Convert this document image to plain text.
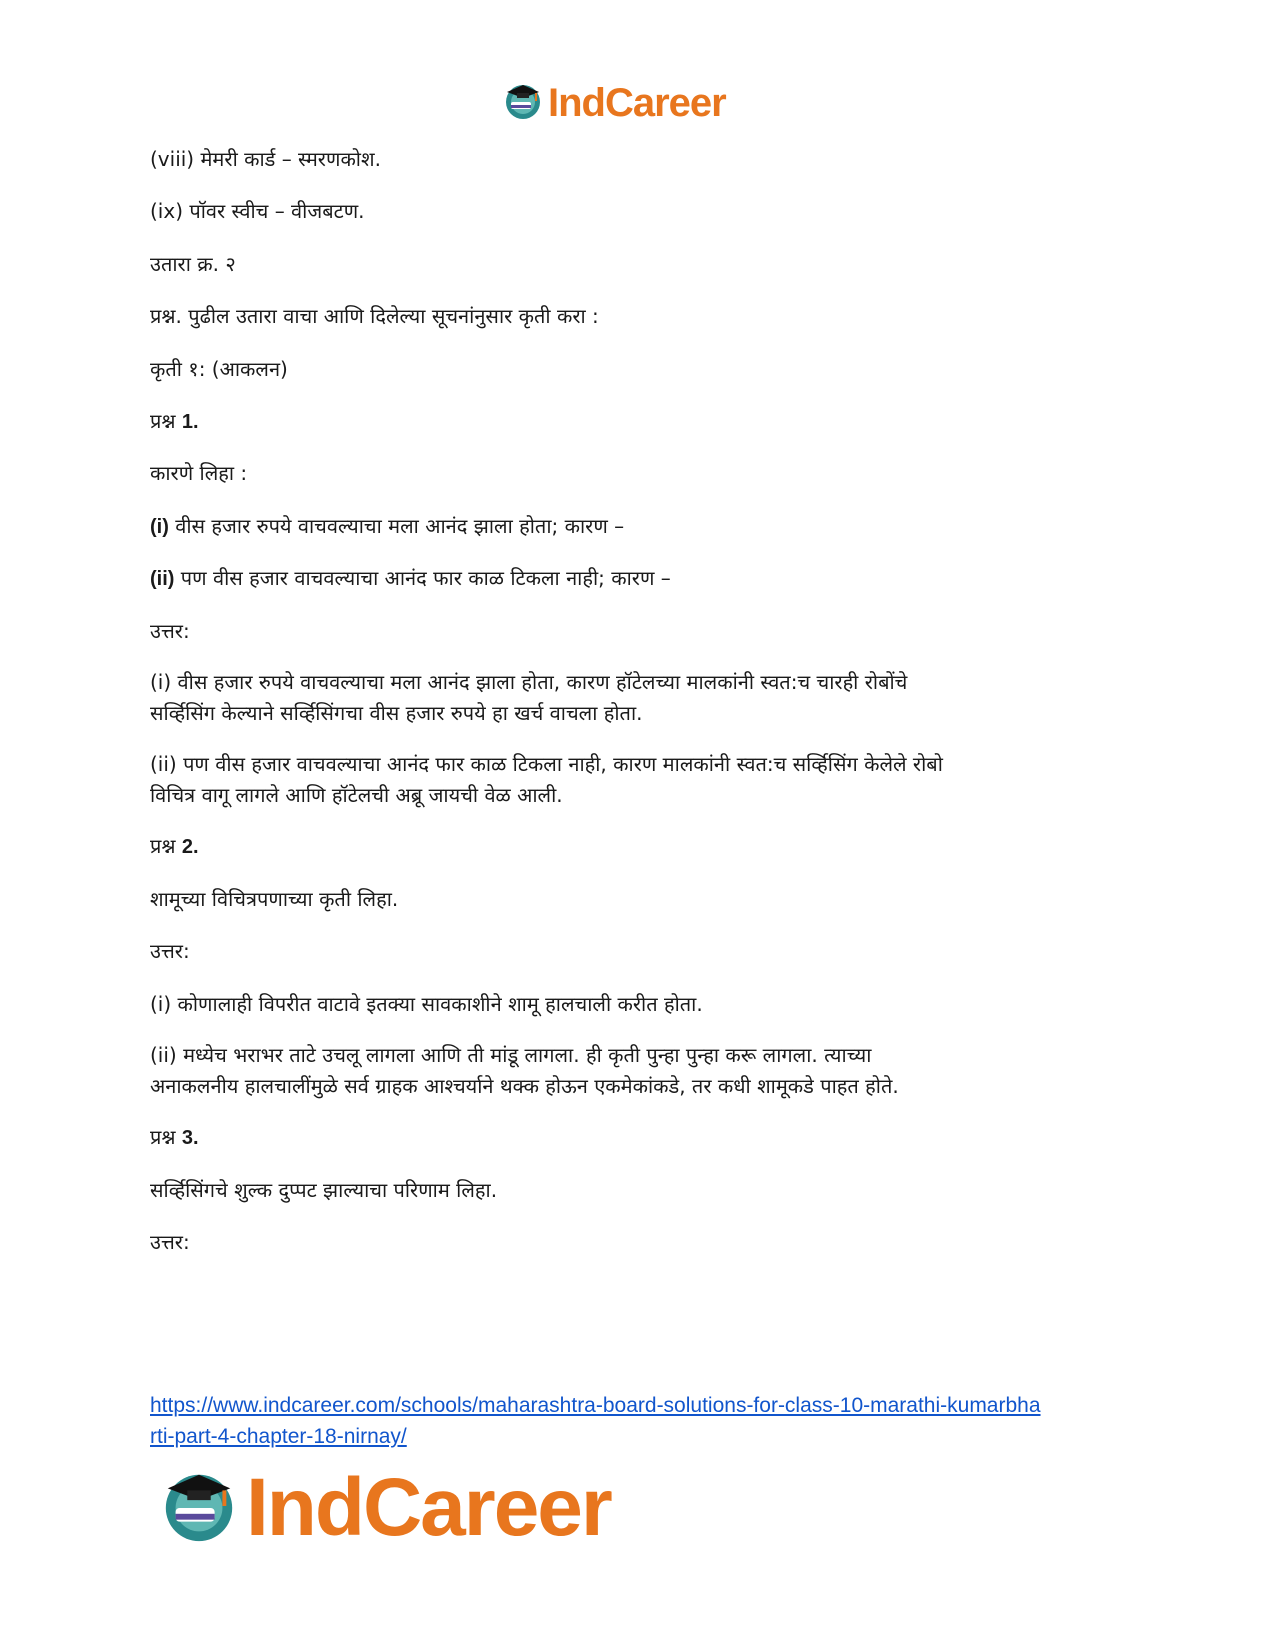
IndCareer
(viii) मेमरी कार्ड – स्मरणकोश.
(ix) पॉवर स्वीच – वीजबटण.
उतारा क्र. २
प्रश्न. पुढील उतारा वाचा आणि दिलेल्या सूचनांनुसार कृती करा :
कृती १: (आकलन)
प्रश्न 1.
कारणे लिहा :
(i) वीस हजार रुपये वाचवल्याचा मला आनंद झाला होता; कारण –
(ii) पण वीस हजार वाचवल्याचा आनंद फार काळ टिकला नाही; कारण –
उत्तर:
(i) वीस हजार रुपये वाचवल्याचा मला आनंद झाला होता, कारण हॉटेलच्या मालकांनी स्वत:च चारही रोबोंचे
सर्व्हिसिंग केल्याने सर्व्हिसिंगचा वीस हजार रुपये हा खर्च वाचला होता.
(ii) पण वीस हजार वाचवल्याचा आनंद फार काळ टिकला नाही, कारण मालकांनी स्वत:च सर्व्हिसिंग केलेले रोबो
विचित्र वागू लागले आणि हॉटेलची अब्रू जायची वेळ आली.
प्रश्न 2.
शामूच्या विचित्रपणाच्या कृती लिहा.
उत्तर:
(i) कोणालाही विपरीत वाटावे इतक्या सावकाशीने शामू हालचाली करीत होता.
(ii) मध्येच भराभर ताटे उचलू लागला आणि ती मांडू लागला. ही कृती पुन्हा पुन्हा करू लागला. त्याच्या
अनाकलनीय हालचालींमुळे सर्व ग्राहक आश्चर्याने थक्क होऊन एकमेकांकडे, तर कधी शामूकडे पाहत होते.
प्रश्न 3.
सर्व्हिसिंगचे शुल्क दुप्पट झाल्याचा परिणाम लिहा.
उत्तर:
https://www.indcareer.com/schools/maharashtra-board-solutions-for-class-10-marathi-kumarbha
rti-part-4-chapter-18-nirnay/
IndCareer
